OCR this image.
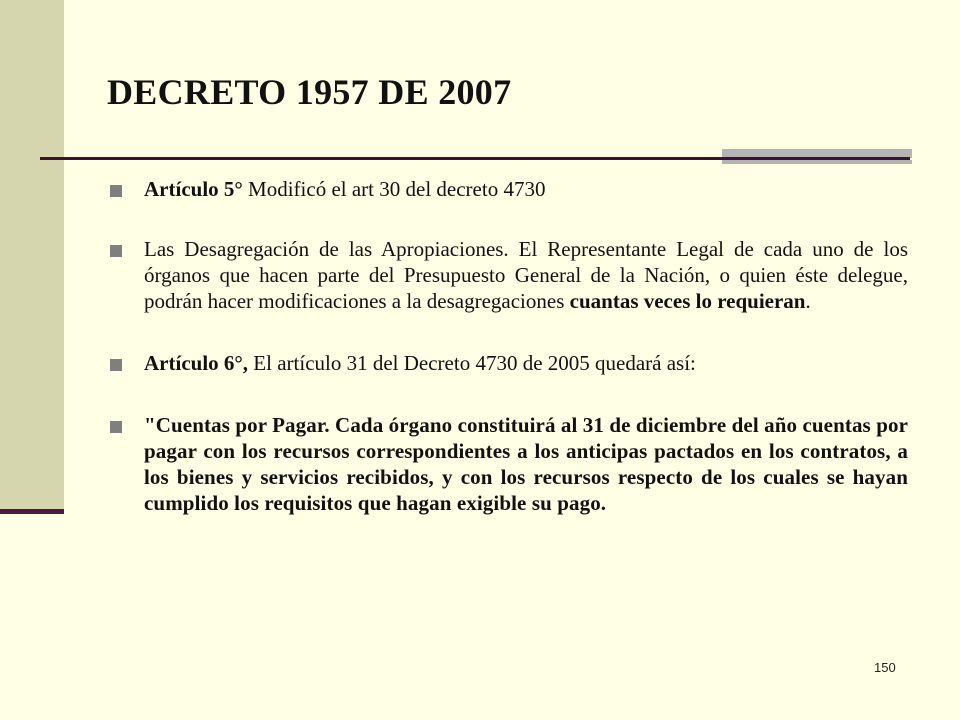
DECRETO 1957 DE 2007
Artículo 5° Modificó el art 30 del decreto 4730
Las Desagregación de las Apropiaciones. El Representante Legal de cada uno de los órganos que hacen parte del Presupuesto General de la Nación, o quien éste delegue, podrán hacer modificaciones a la desagregaciones cuantas veces lo requieran.
Artículo 6°, El artículo 31 del Decreto 4730 de 2005 quedará así:
"Cuentas por Pagar. Cada órgano constituirá al 31 de diciembre del año cuentas por pagar con los recursos correspondientes a los anticipas pactados en los contratos, a los bienes y servicios recibidos, y con los recursos respecto de los cuales se hayan cumplido los requisitos que hagan exigible su pago.
150
